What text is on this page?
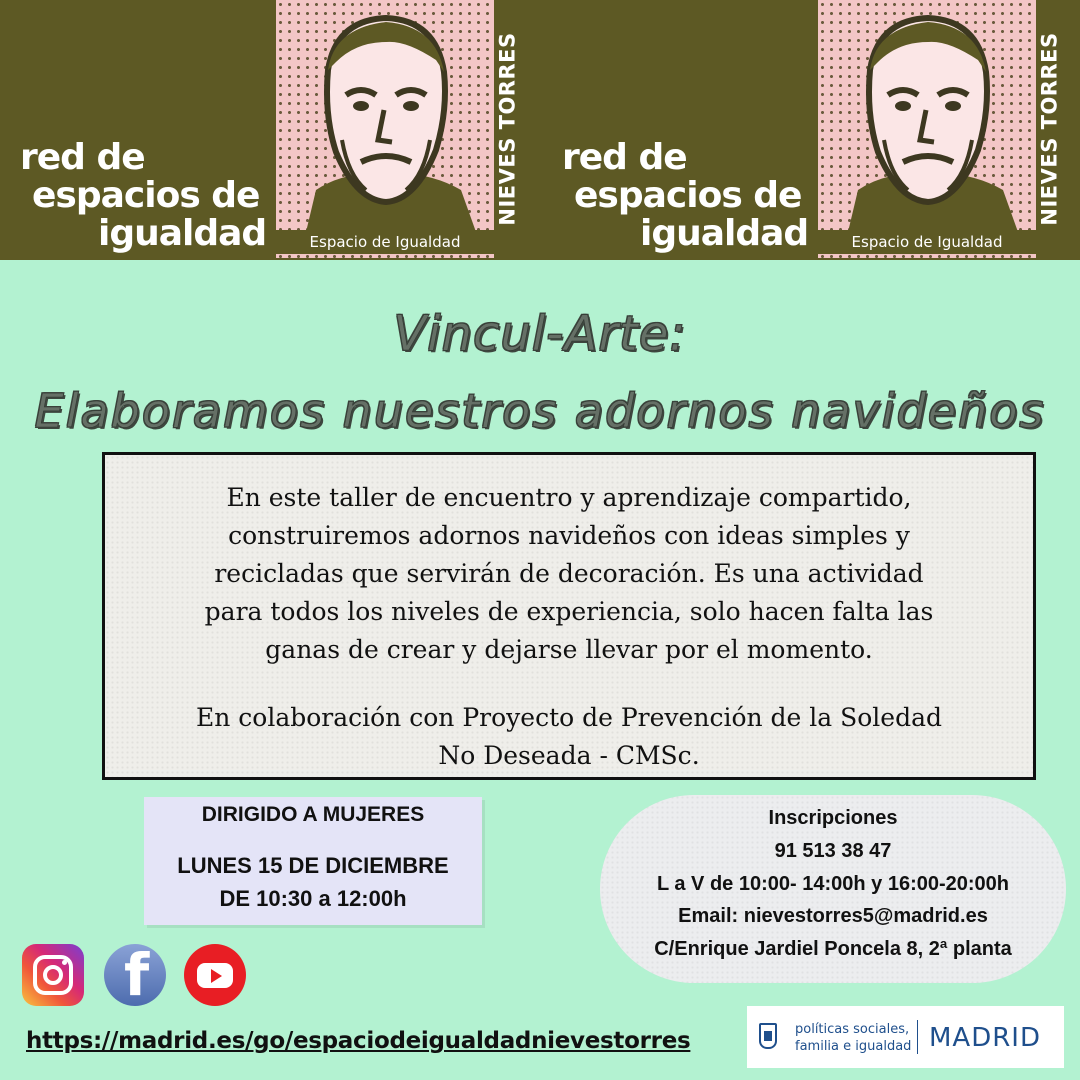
red de
espacios de
igualdad	Espacio de Igualdad
NIEVES TORRES red de
espacios de
igualdad	Espacio de Igualdad
NIEVES TORRES
Vincul-Arte:
Elaboramos nuestros adornos navideños
En este taller de encuentro y aprendizaje compartido,
construiremos adornos navideños con ideas simples y
recicladas que servirán de decoración. Es una actividad
para todos los niveles de experiencia, solo hacen falta las
ganas de crear y dejarse llevar por el momento.
En colaboración con Proyecto de Prevención de la Soledad
No Deseada - CMSc.
DIRIGIDO A MUJERES
LUNES 15 DE DICIEMBRE
DE 10:30 a 12:00h
Inscripciones
91 513 38 47
L a V de 10:00- 14:00h y 16:00-20:00h
Email: nievestorres5@madrid.es
C/Enrique Jardiel Poncela 8, 2ª planta
f
https://madrid.es/go/espaciodeigualdadnievestorres	políticas sociales,
familia e igualdad MADRID
